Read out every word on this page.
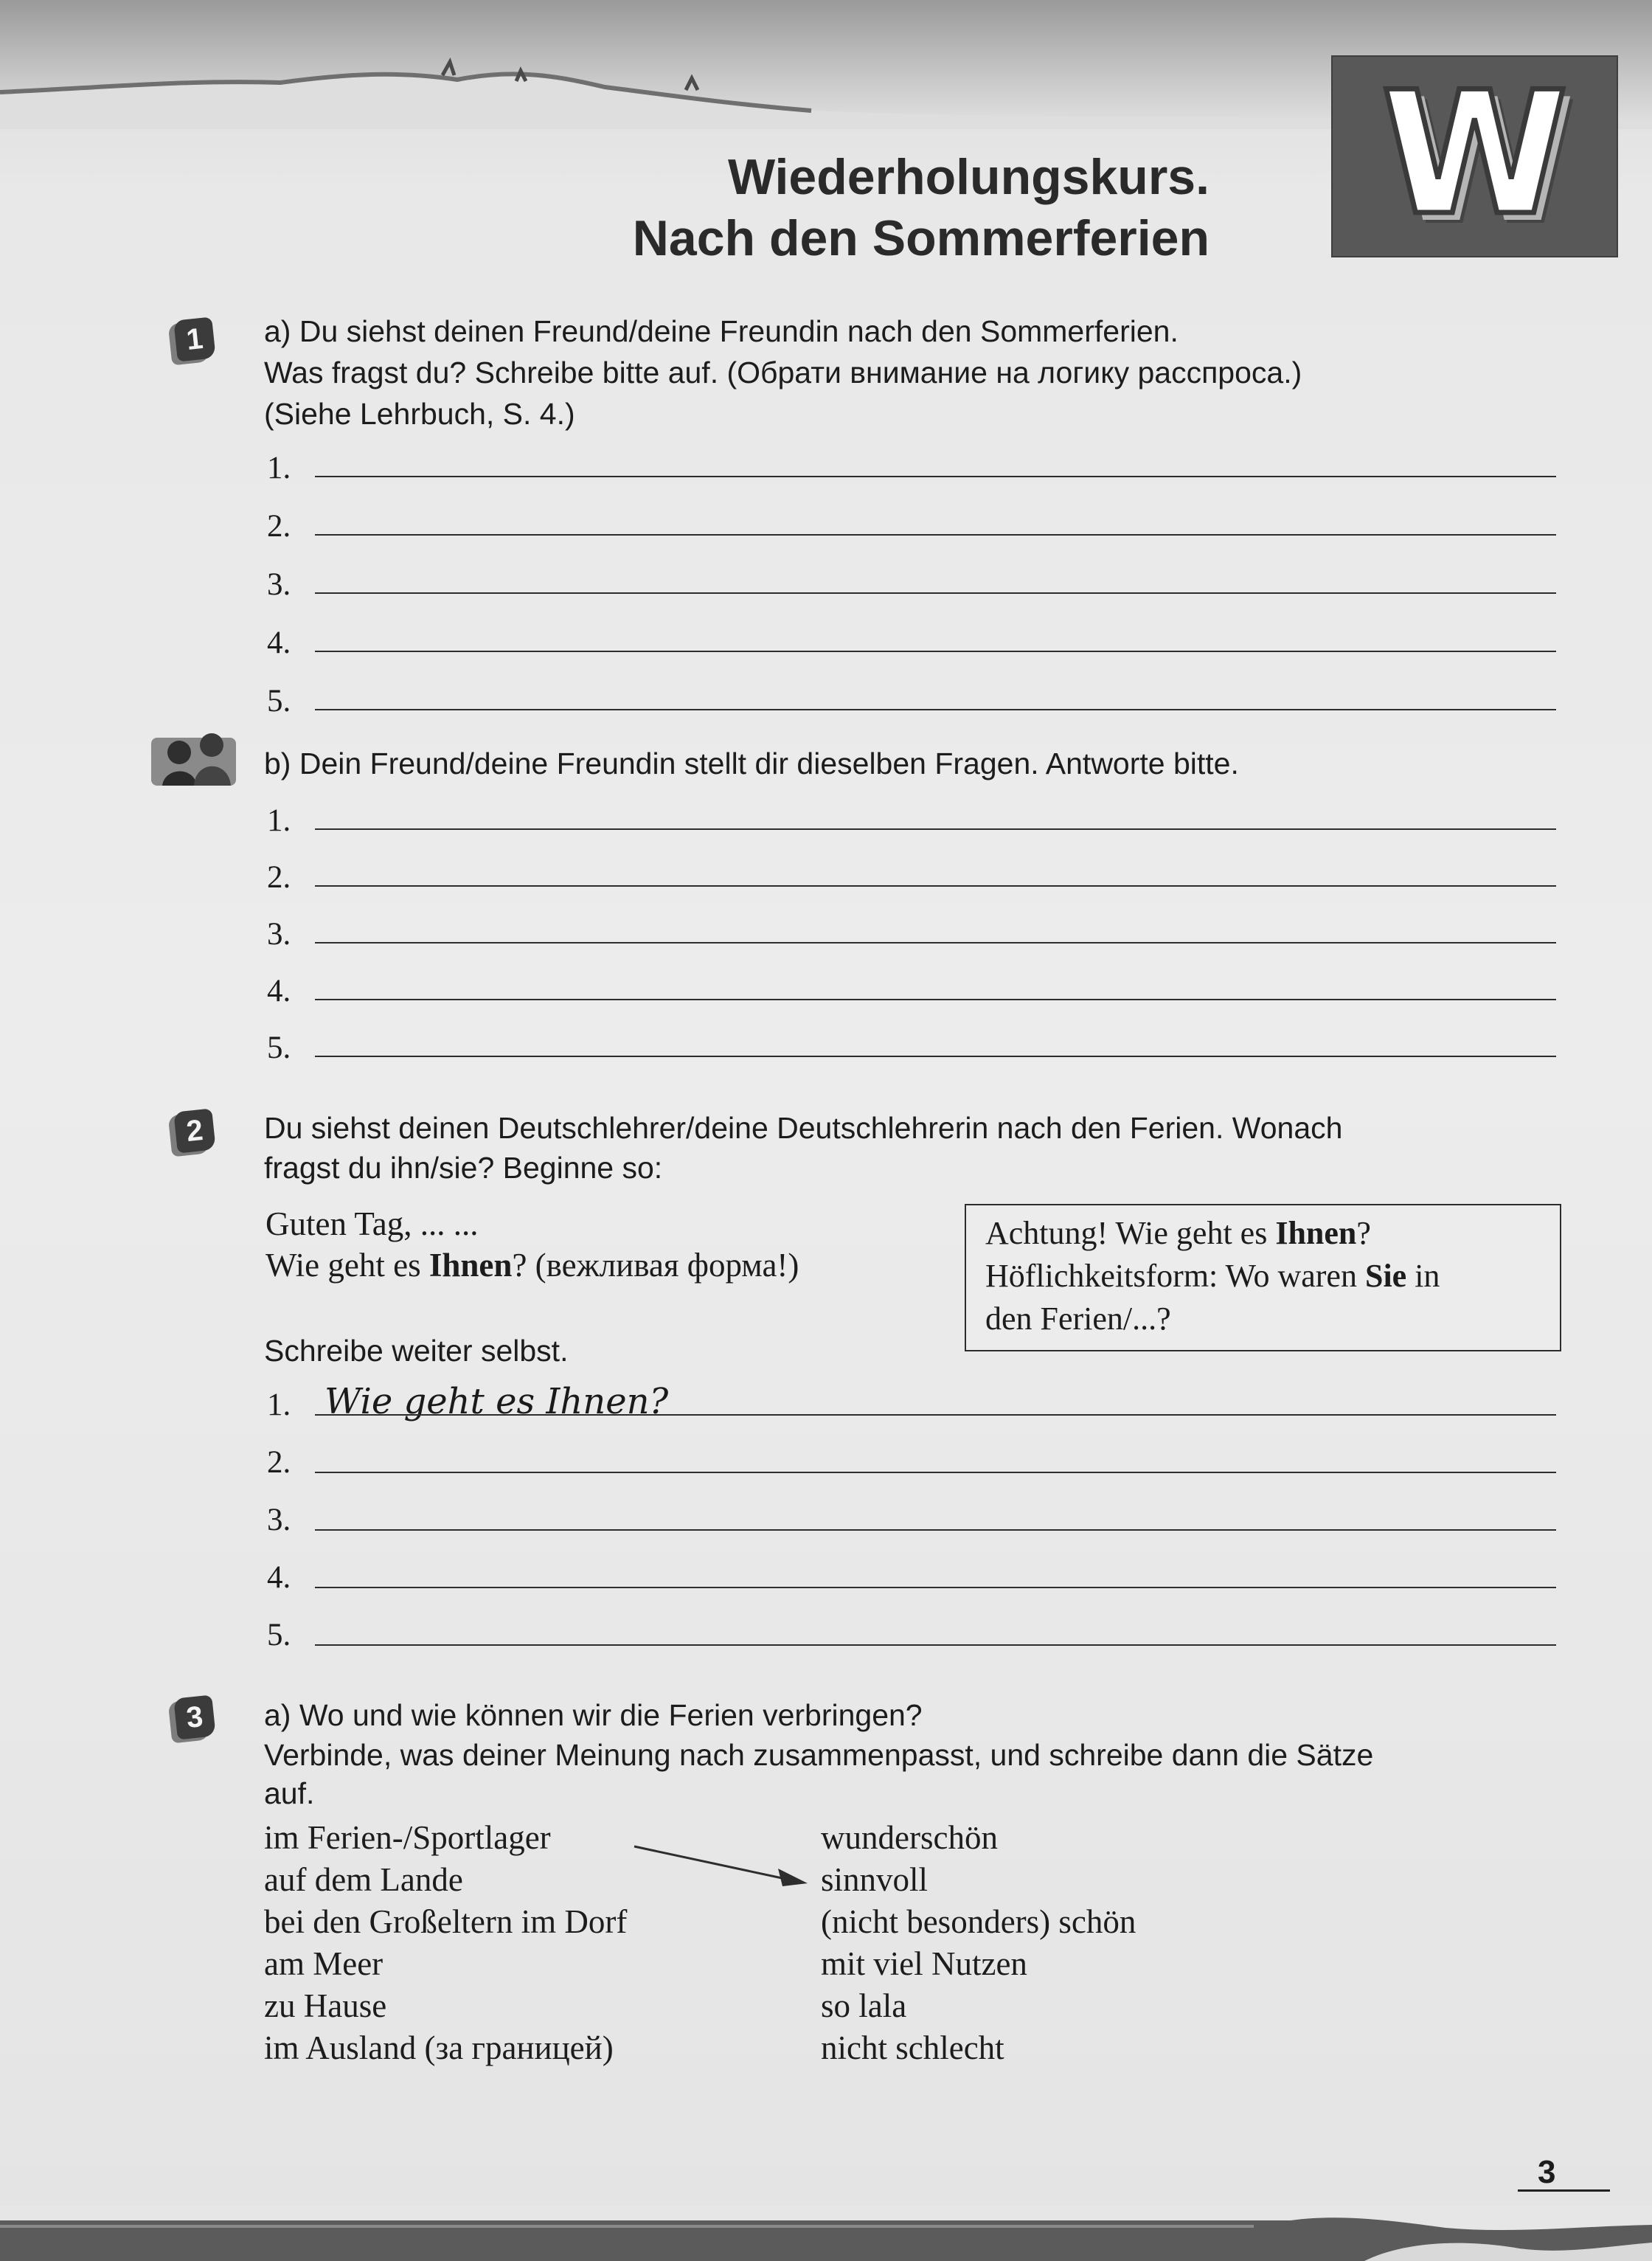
W
Wiederholungskurs.
Nach den Sommerferien
1	a) Du siehst deinen Freund/deine Freundin nach den Sommerferien.
Was fragst du? Schreibe bitte auf. (Обрати внимание на логику расспроса.)
(Siehe Lehrbuch, S. 4.)
1.
2.
3.
4.
5.
b) Dein Freund/deine Freundin stellt dir dieselben Fragen. Antworte bitte.
1.
2.
3.
4.
5.
2	Du siehst deinen Deutschlehrer/deine Deutschlehrerin nach den Ferien. Wonach
fragst du ihn/sie? Beginne so:
Guten Tag, ... ...
Wie geht es Ihnen? (вежливая форма!)
Achtung! Wie geht es Ihnen?
Höflichkeitsform: Wo waren Sie in
den Ferien/...?
Schreibe weiter selbst.
1. Wie geht es Ihnen?
2.
3.
4.
5.
3	a) Wo und wie können wir die Ferien verbringen?
Verbinde, was deiner Meinung nach zusammenpasst, und schreibe dann die Sätze
auf.
im Ferien-/Sportlager
auf dem Lande
bei den Großeltern im Dorf
am Meer
zu Hause
im Ausland (за границей)
wunderschön
sinnvoll
(nicht besonders) schön
mit viel Nutzen
so lala
nicht schlecht
3
